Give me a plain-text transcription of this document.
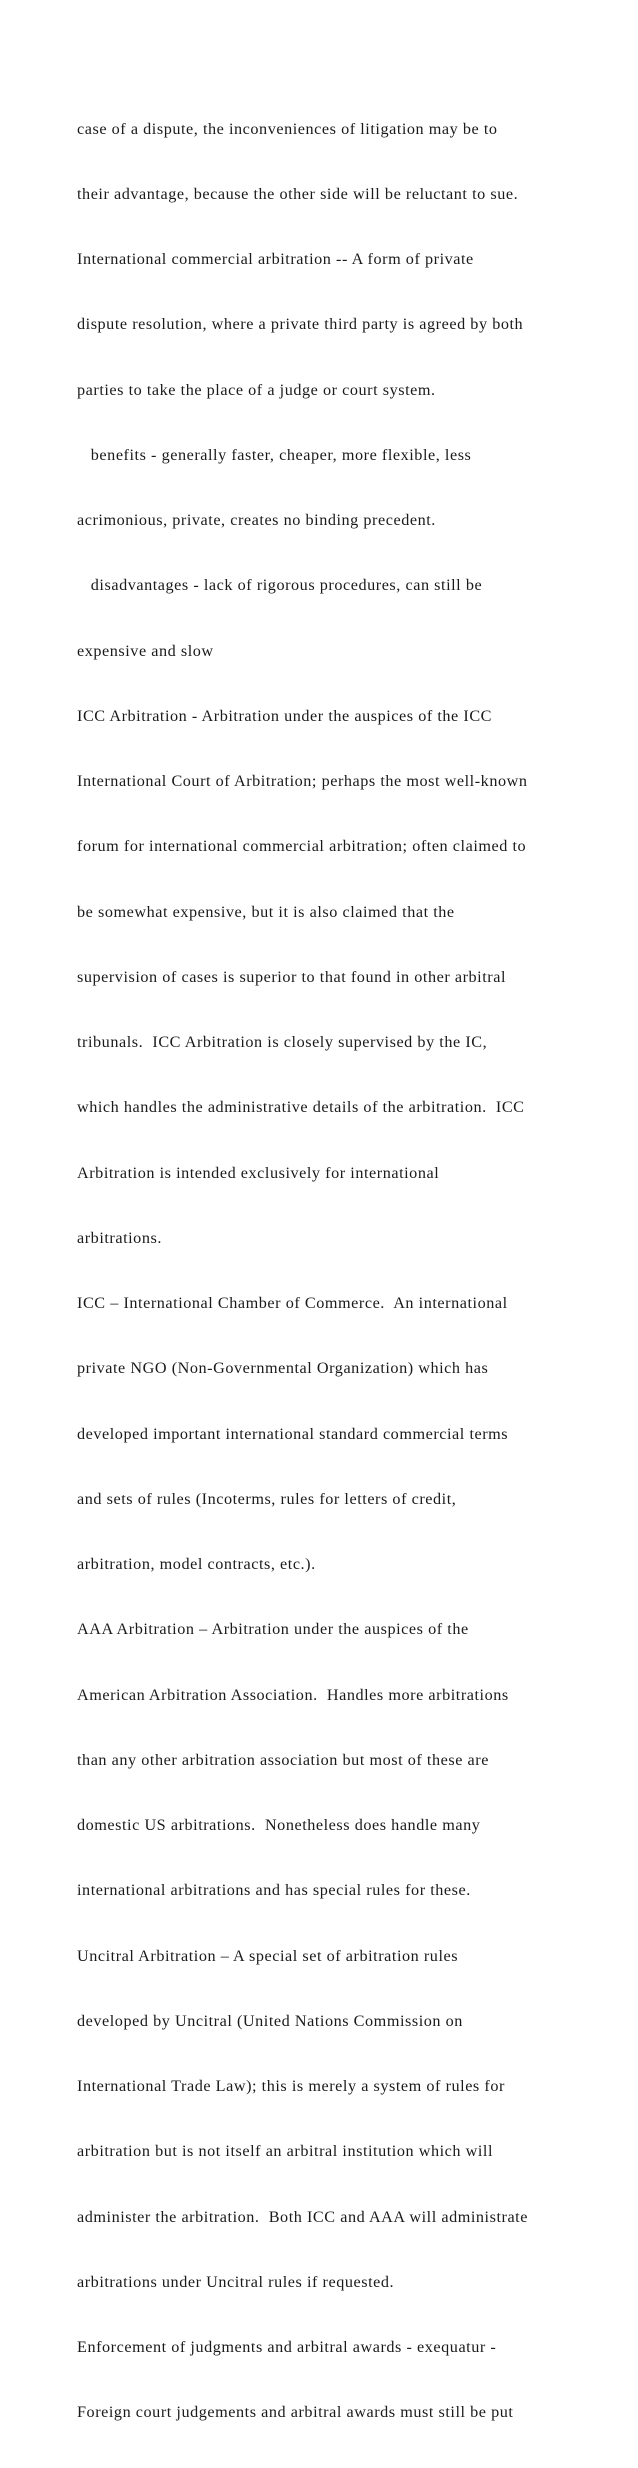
case of a dispute, the inconveniences of litigation may be to

their advantage, because the other side will be reluctant to sue.

International commercial arbitration -- A form of private

dispute resolution, where a private third party is agreed by both

parties to take the place of a judge or court system.

benefits - generally faster, cheaper, more flexible, less

acrimonious, private, creates no binding precedent.

disadvantages - lack of rigorous procedures, can still be

expensive and slow

ICC Arbitration - Arbitration under the auspices of the ICC

International Court of Arbitration; perhaps the most well-known

forum for international commercial arbitration; often claimed to

be somewhat expensive, but it is also claimed that the

supervision of cases is superior to that found in other arbitral

tribunals.  ICC Arbitration is closely supervised by the IC,

which handles the administrative details of the arbitration.  ICC

Arbitration is intended exclusively for international

arbitrations.

ICC – International Chamber of Commerce.  An international

private NGO (Non-Governmental Organization) which has

developed important international standard commercial terms

and sets of rules (Incoterms, rules for letters of credit,

arbitration, model contracts, etc.).

AAA Arbitration – Arbitration under the auspices of the

American Arbitration Association.  Handles more arbitrations

than any other arbitration association but most of these are

domestic US arbitrations.  Nonetheless does handle many

international arbitrations and has special rules for these.

Uncitral Arbitration – A special set of arbitration rules

developed by Uncitral (United Nations Commission on

International Trade Law); this is merely a system of rules for

arbitration but is not itself an arbitral institution which will

administer the arbitration.  Both ICC and AAA will administrate

arbitrations under Uncitral rules if requested.

Enforcement of judgments and arbitral awards - exequatur -

Foreign court judgements and arbitral awards must still be put
